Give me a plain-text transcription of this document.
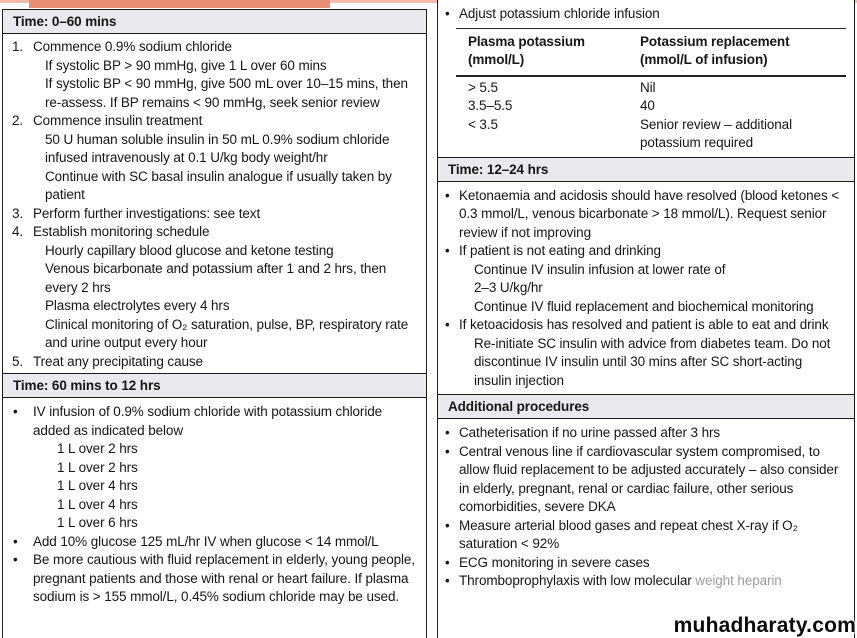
Time: 0–60 mins
1. Commence 0.9% sodium chloride
If systolic BP > 90 mmHg, give 1 L over 60 mins
If systolic BP < 90 mmHg, give 500 mL over 10–15 mins, then re-assess. If BP remains < 90 mmHg, seek senior review
2. Commence insulin treatment
50 U human soluble insulin in 50 mL 0.9% sodium chloride infused intravenously at 0.1 U/kg body weight/hr
Continue with SC basal insulin analogue if usually taken by patient
3. Perform further investigations: see text
4. Establish monitoring schedule
Hourly capillary blood glucose and ketone testing
Venous bicarbonate and potassium after 1 and 2 hrs, then every 2 hrs
Plasma electrolytes every 4 hrs
Clinical monitoring of O₂ saturation, pulse, BP, respiratory rate and urine output every hour
5. Treat any precipitating cause
Time: 60 mins to 12 hrs
•
IV infusion of 0.9% sodium chloride with potassium chloride added as indicated below
1 L over 2 hrs
1 L over 2 hrs
1 L over 4 hrs
1 L over 4 hrs
1 L over 6 hrs
•
Add 10% glucose 125 mL/hr IV when glucose < 14 mmol/L
•
Be more cautious with fluid replacement in elderly, young people, pregnant patients and those with renal or heart failure. If plasma sodium is > 155 mmol/L, 0.45% sodium chloride may be used.
•
Adjust potassium chloride infusion
Plasma potassium (mmol/L)
Potassium replacement (mmol/L of infusion)
> 5.5	Nil
3.5–5.5	40
< 3.5	Senior review – additional potassium required
Time: 12–24 hrs
•
Ketonaemia and acidosis should have resolved (blood ketones < 0.3 mmol/L, venous bicarbonate > 18 mmol/L). Request senior review if not improving
•
If patient is not eating and drinking
Continue IV insulin infusion at lower rate of
2–3 U/kg/hr
Continue IV fluid replacement and biochemical monitoring
•
If ketoacidosis has resolved and patient is able to eat and drink
Re-initiate SC insulin with advice from diabetes team. Do not discontinue IV insulin until 30 mins after SC short-acting insulin injection
Additional procedures
•
Catheterisation if no urine passed after 3 hrs
•
Central venous line if cardiovascular system compromised, to allow fluid replacement to be adjusted accurately – also consider in elderly, pregnant, renal or cardiac failure, other serious comorbidities, severe DKA
•
Measure arterial blood gases and repeat chest X-ray if O₂ saturation < 92%
•
ECG monitoring in severe cases
•
Thromboprophylaxis with low molecular weight heparin
muhadharaty.com
